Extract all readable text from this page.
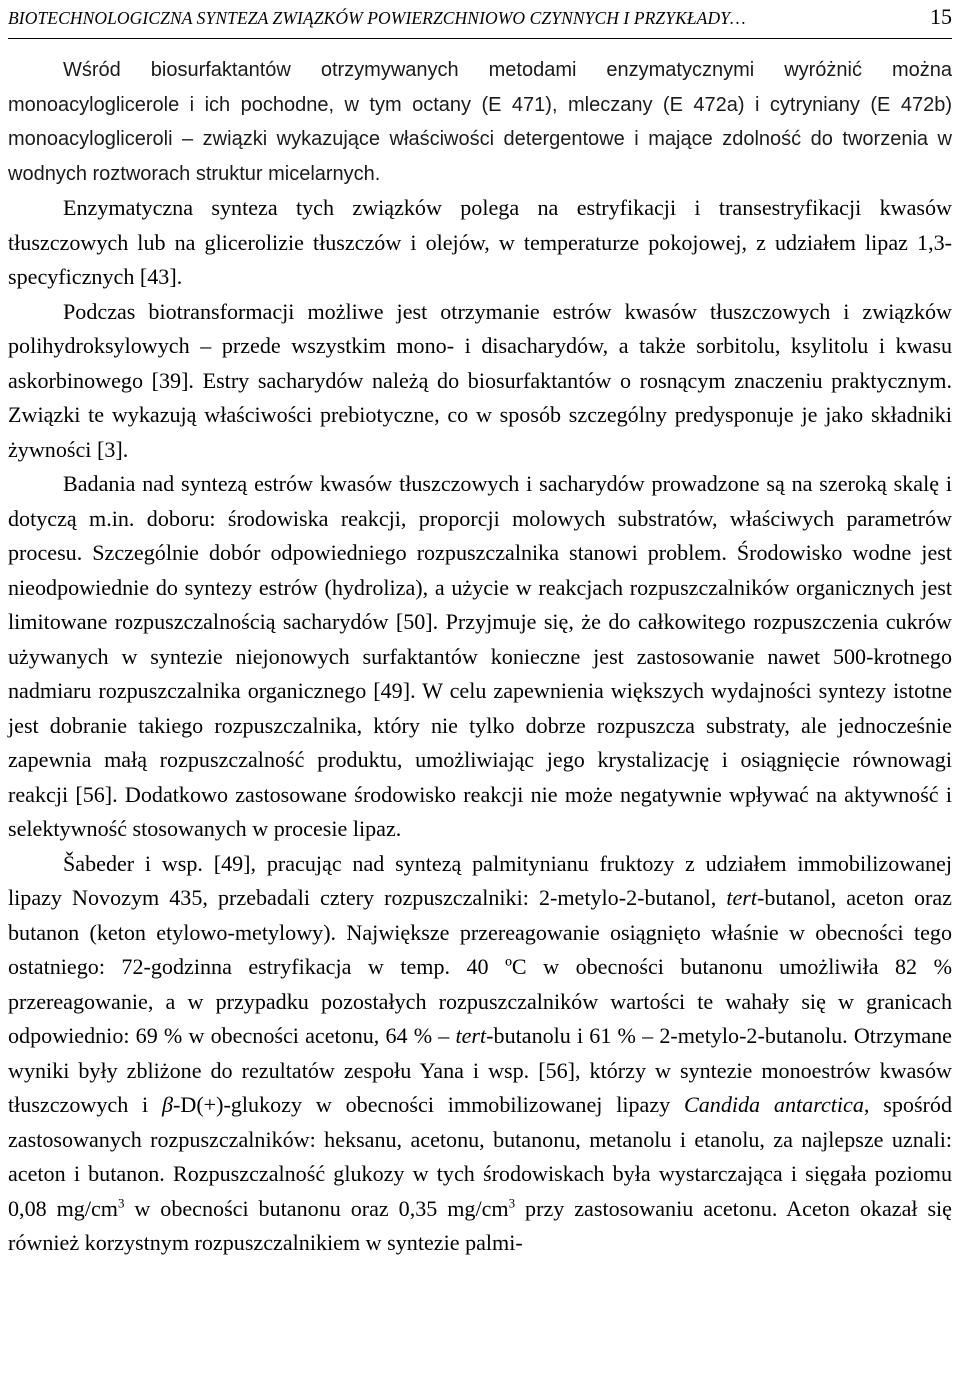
BIOTECHNOLOGICZNA SYNTEZA ZWIĄZKÓW POWIERZCHNIOWO CZYNNYCH I PRZYKŁADY…	15

Wśród biosurfaktantów otrzymywanych metodami enzymatycznymi wyróżnić można monoacyloglicerole i ich pochodne, w tym octany (E 471), mleczany (E 472a) i cytryniany (E 472b) monoacyloglicerolі – związki wykazujące właściwości detergentowe i mające zdolność do tworzenia w wodnych roztworach struktur micelarnych.

Enzymatyczna synteza tych związków polega na estryfikacji i transestryfikacji kwasów tłuszczowych lub na glicerolizie tłuszczów i olejów, w temperaturze pokojowej, z udziałem lipaz 1,3-specyficznych [43].

Podczas biotransformacji możliwe jest otrzymanie estrów kwasów tłuszczowych i związków polihydroksylowych – przede wszystkim mono- i disacharydów, a także sorbitolu, ksylitolu i kwasu askorbinowego [39]. Estry sacharydów należą do biosurfaktantów o rosnącym znaczeniu praktycznym. Związki te wykazują właściwości prebiotyczne, co w sposób szczególny predysponuje je jako składniki żywności [3].

Badania nad syntezą estrów kwasów tłuszczowych i sacharydów prowadzone są na szeroką skalę i dotyczą m.in. doboru: środowiska reakcji, proporcji molowych substratów, właściwych parametrów procesu. Szczególnie dobór odpowiedniego rozpuszczalnika stanowi problem. Środowisko wodne jest nieodpowiednie do syntezy estrów (hydroliza), a użycie w reakcjach rozpuszczalników organicznych jest limitowane rozpuszczalnością sacharydów [50]. Przyjmuje się, że do całkowitego rozpuszczenia cukrów używanych w syntezie niejonowych surfaktantów konieczne jest zastosowanie nawet 500-krotnego nadmiaru rozpuszczalnika organicznego [49]. W celu zapewnienia większych wydajności syntezy istotne jest dobranie takiego rozpuszczalnika, który nie tylko dobrze rozpuszcza substraty, ale jednocześnie zapewnia małą rozpuszczalność produktu, umożliwiając jego krystalizację i osiągnięcie równowagi reakcji [56]. Dodatkowo zastosowane środowisko reakcji nie może negatywnie wpływać na aktywność i selektywność stosowanych w procesie lipaz.

Šabeder i wsp. [49], pracując nad syntezą palmitynianu fruktozy z udziałem immobilizowanej lipazy Novozym 435, przebadali cztery rozpuszczalniki: 2-metylo-2-butanol, tert-butanol, aceton oraz butanon (keton etylowo-metylowy). Największe przereagowanie osiągnięto właśnie w obecności tego ostatniego: 72-godzinna estryfikacja w temp. 40 ºC w obecności butanonu umożliwiła 82 % przereagowanie, a w przypadku pozostałych rozpuszczalników wartości te wahały się w granicach odpowiednio: 69 % w obecności acetonu, 64 % – tert-butanolu i 61 % – 2-metylo-2-butanolu. Otrzymane wyniki były zbliżone do rezultatów zespołu Yana i wsp. [56], którzy w syntezie monoestrów kwasów tłuszczowych i β-D(+)-glukozy w obecności immobilizowanej lipazy Candida antarctica, spośród zastosowanych rozpuszczalników: heksanu, acetonu, butanonu, metanolu i etanolu, za najlepsze uznali: aceton i butanon. Rozpuszczalność glukozy w tych środowiskach była wystarczająca i sięgała poziomu 0,08 $mg/cm^3$ w obecności butanonu oraz 0,35 $mg/cm^3$ przy zastosowaniu acetonu. Aceton okazał się również korzystnym rozpuszczalnikiem w syntezie palmi-
